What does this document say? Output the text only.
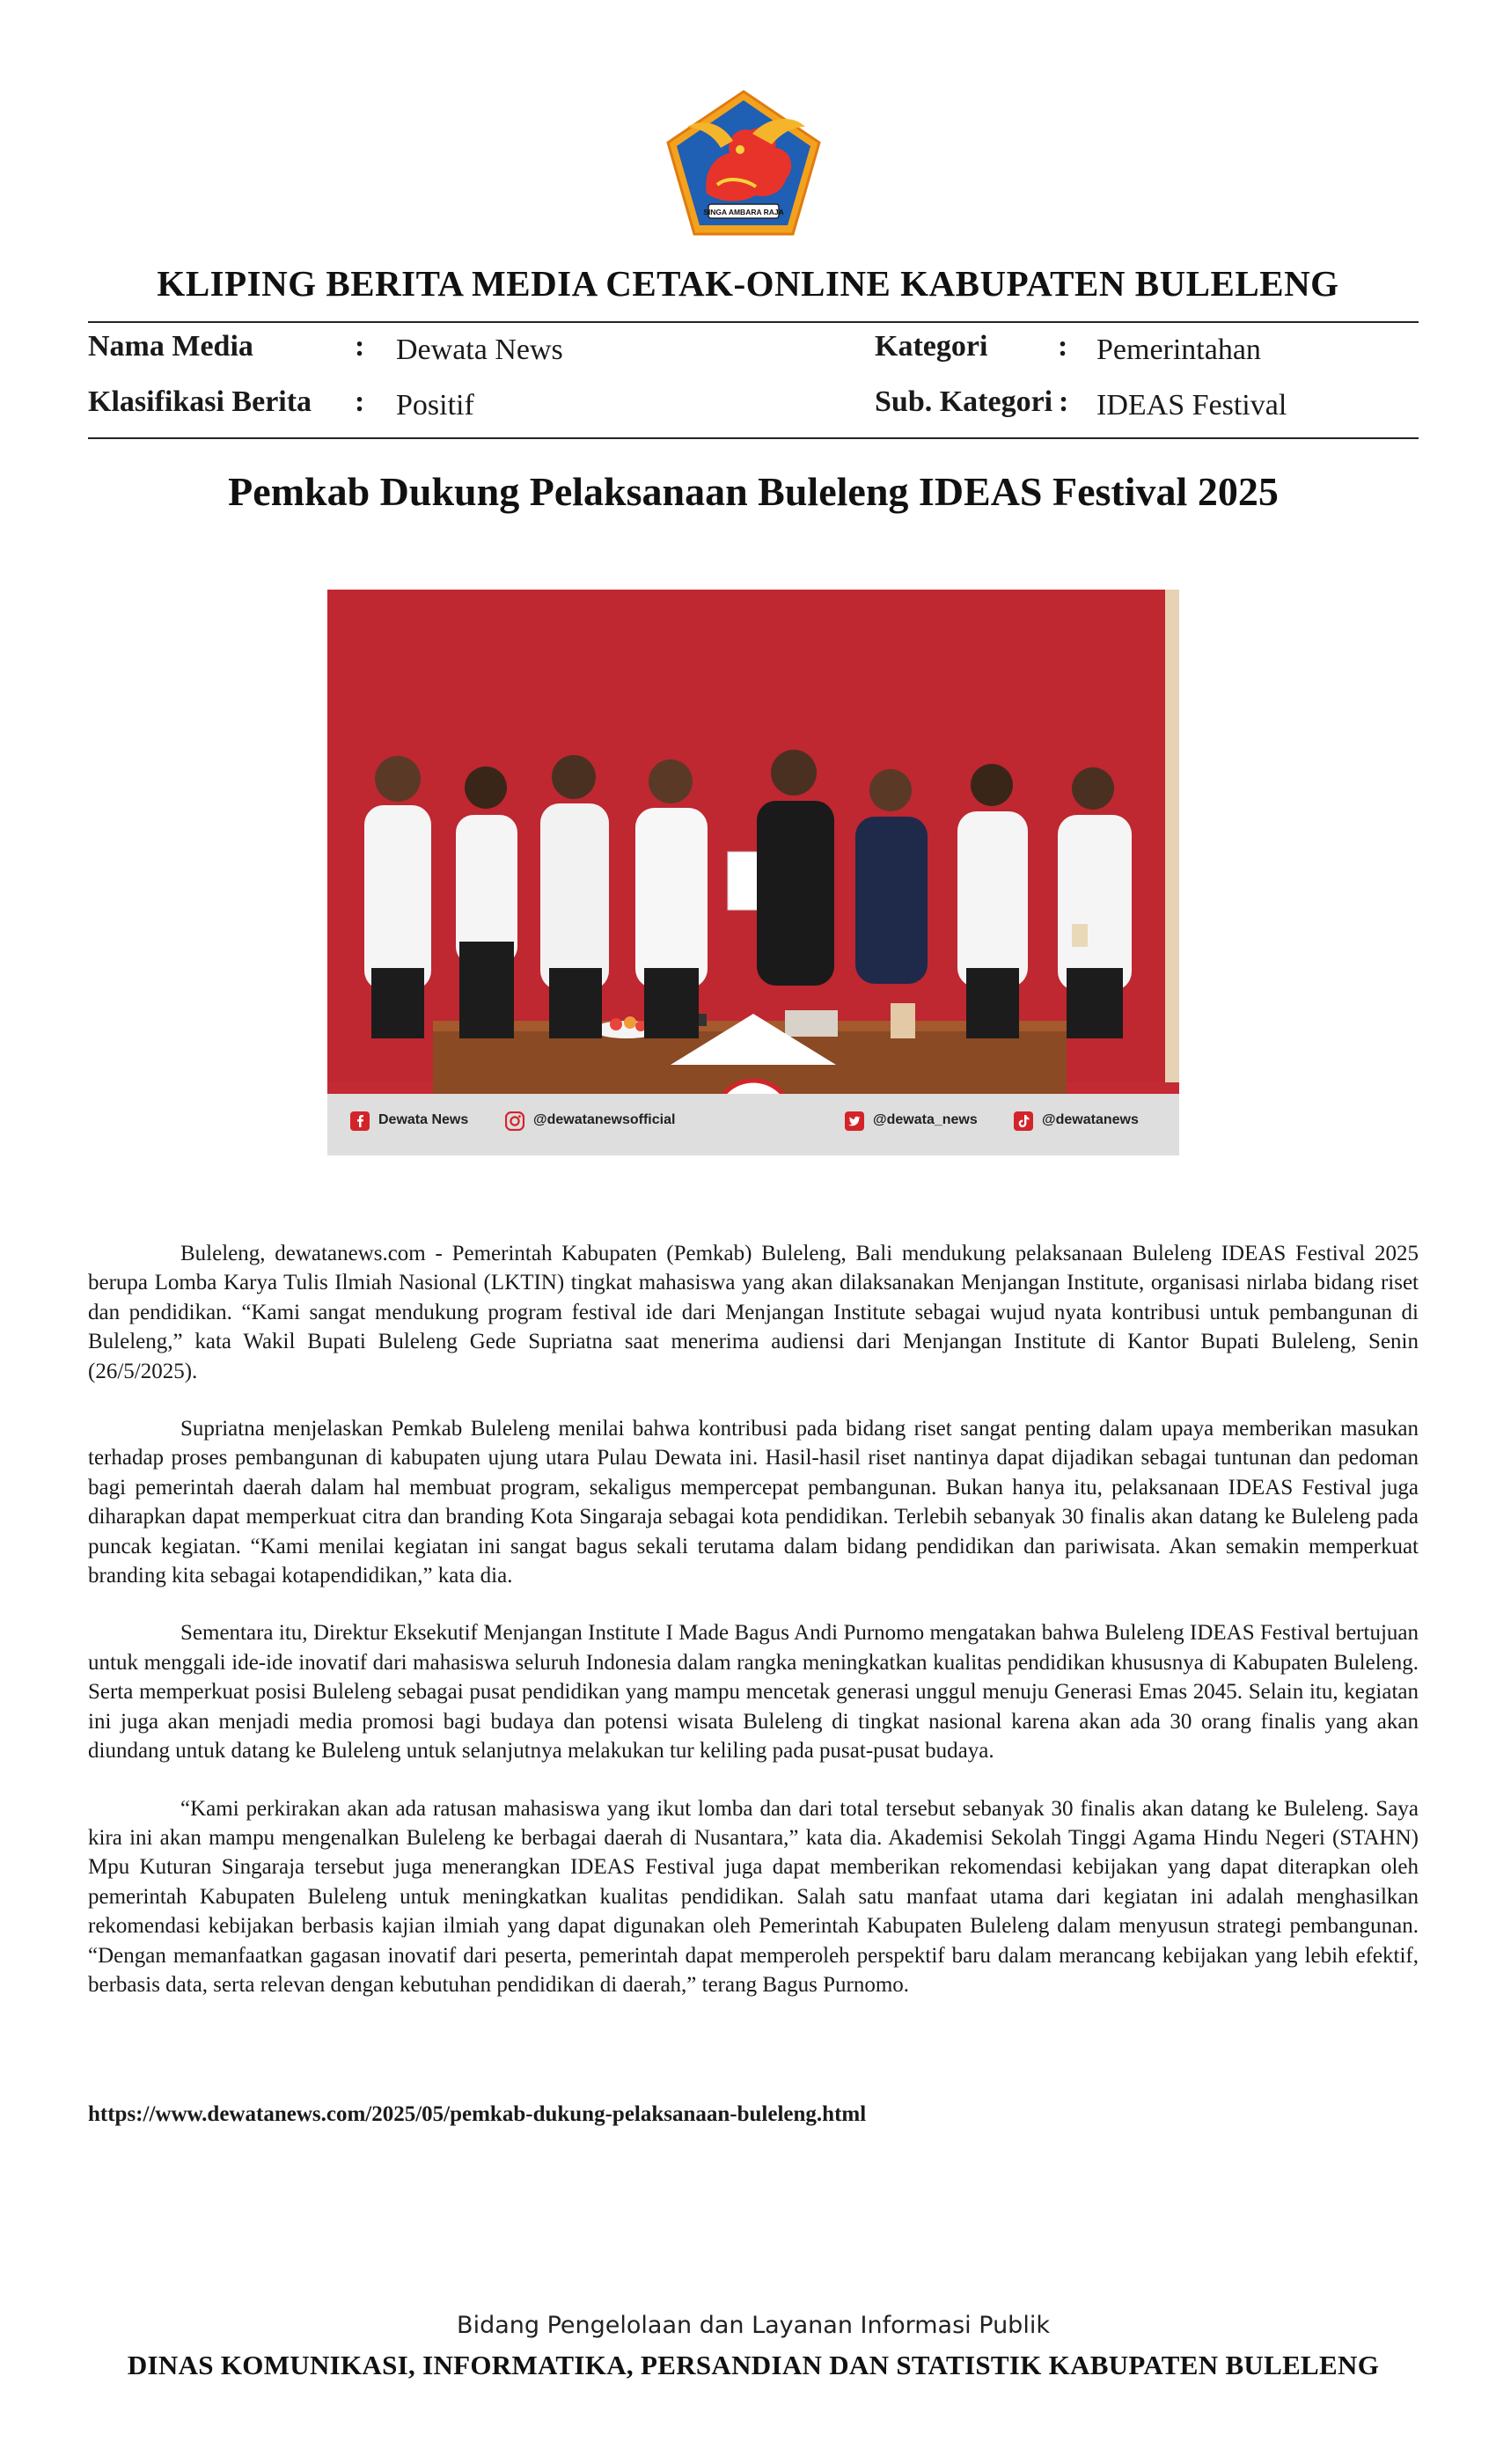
SINGA AMBARA RAJA
KLIPING BERITA MEDIA CETAK-ONLINE KABUPATEN BULELENG
Nama Media	: Dewata News	Kategori : Pemerintahan
Klasifikasi Berita : Positif	Sub. Kategori : IDEAS Festival
Pemkab Dukung Pelaksanaan Buleleng IDEAS Festival 2025
Dewata News	@dewatanewsofficial	@dewata_news	@dewatanews

Buleleng, dewatanews.com - Pemerintah Kabupaten (Pemkab) Buleleng, Bali mendukung pelaksanaan Buleleng IDEAS Festival 2025 berupa Lomba Karya Tulis Ilmiah Nasional (LKTIN) tingkat mahasiswa yang akan dilaksanakan Menjangan Institute, organisasi nirlaba bidang riset dan pendidikan. “Kami sangat mendukung program festival ide dari Menjangan Institute sebagai wujud nyata kontribusi untuk pembangunan di Buleleng,” kata Wakil Bupati Buleleng Gede Supriatna saat menerima audiensi dari Menjangan Institute di Kantor Bupati Buleleng, Senin (26/5/2025).

Supriatna menjelaskan Pemkab Buleleng menilai bahwa kontribusi pada bidang riset sangat penting dalam upaya memberikan masukan terhadap proses pembangunan di kabupaten ujung utara Pulau Dewata ini. Hasil-hasil riset nantinya dapat dijadikan sebagai tuntunan dan pedoman bagi pemerintah daerah dalam hal membuat program, sekaligus mempercepat pembangunan. Bukan hanya itu, pelaksanaan IDEAS Festival juga diharapkan dapat memperkuat citra dan branding Kota Singaraja sebagai kota pendidikan. Terlebih sebanyak 30 finalis akan datang ke Buleleng pada puncak kegiatan. “Kami menilai kegiatan ini sangat bagus sekali terutama dalam bidang pendidikan dan pariwisata. Akan semakin memperkuat branding kita sebagai kotapendidikan,” kata dia.

Sementara itu, Direktur Eksekutif Menjangan Institute I Made Bagus Andi Purnomo mengatakan bahwa Buleleng IDEAS Festival bertujuan untuk menggali ide-ide inovatif dari mahasiswa seluruh Indonesia dalam rangka meningkatkan kualitas pendidikan khususnya di Kabupaten Buleleng. Serta memperkuat posisi Buleleng sebagai pusat pendidikan yang mampu mencetak generasi unggul menuju Generasi Emas 2045. Selain itu, kegiatan ini juga akan menjadi media promosi bagi budaya dan potensi wisata Buleleng di tingkat nasional karena akan ada 30 orang finalis yang akan diundang untuk datang ke Buleleng untuk selanjutnya melakukan tur keliling pada pusat-pusat budaya.

“Kami perkirakan akan ada ratusan mahasiswa yang ikut lomba dan dari total tersebut sebanyak 30 finalis akan datang ke Buleleng. Saya kira ini akan mampu mengenalkan Buleleng ke berbagai daerah di Nusantara,” kata dia. Akademisi Sekolah Tinggi Agama Hindu Negeri (STAHN) Mpu Kuturan Singaraja tersebut juga menerangkan IDEAS Festival juga dapat memberikan rekomendasi kebijakan yang dapat diterapkan oleh pemerintah Kabupaten Buleleng untuk meningkatkan kualitas pendidikan. Salah satu manfaat utama dari kegiatan ini adalah menghasilkan rekomendasi kebijakan berbasis kajian ilmiah yang dapat digunakan oleh Pemerintah Kabupaten Buleleng dalam menyusun strategi pembangunan. “Dengan memanfaatkan gagasan inovatif dari peserta, pemerintah dapat memperoleh perspektif baru dalam merancang kebijakan yang lebih efektif, berbasis data, serta relevan dengan kebutuhan pendidikan di daerah,” terang Bagus Purnomo.

https://www.dewatanews.com/2025/05/pemkab-dukung-pelaksanaan-buleleng.html
Bidang Pengelolaan dan Layanan Informasi Publik
DINAS KOMUNIKASI, INFORMATIKA, PERSANDIAN DAN STATISTIK KABUPATEN BULELENG
